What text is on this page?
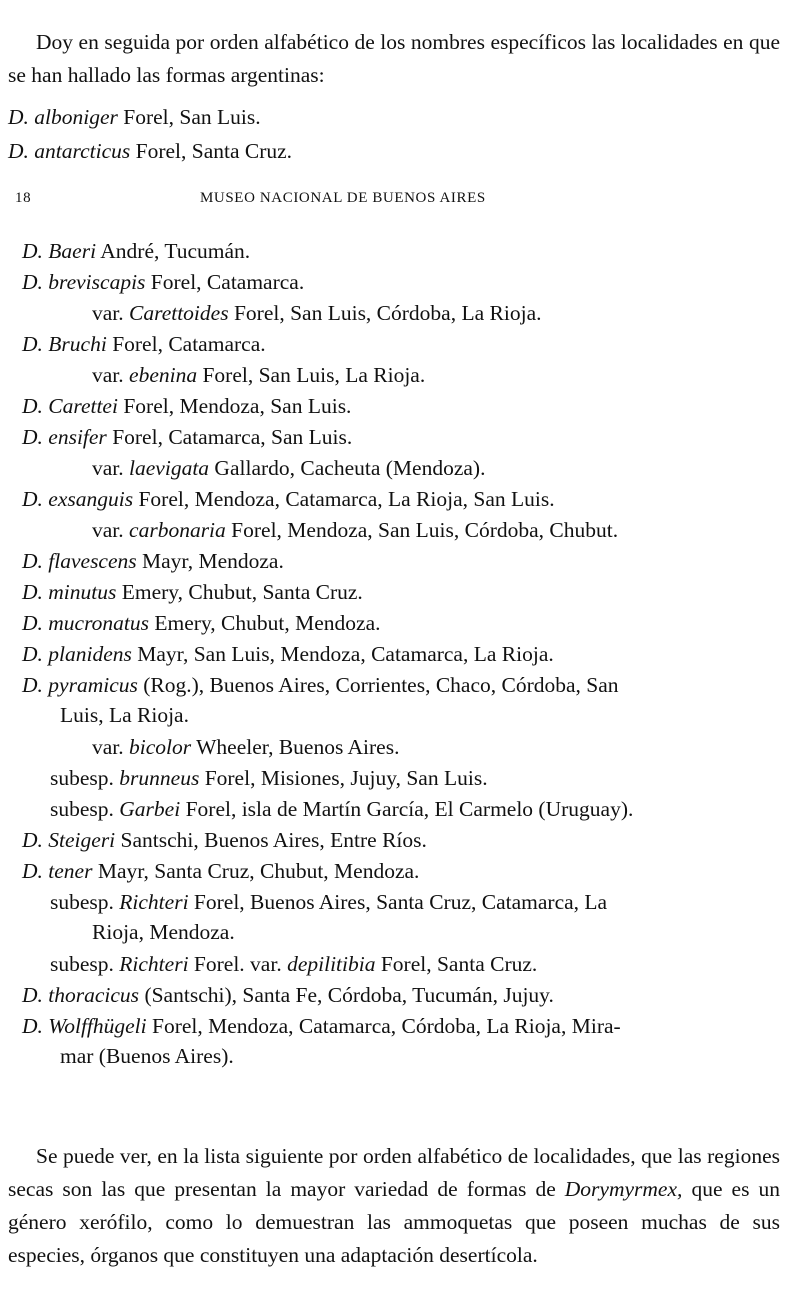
Doy en seguida por orden alfabético de los nombres específicos las localidades en que se han hallado las formas argentinas:

18	MUSEO NACIONAL DE BUENOS AIRES
D. alboniger Forel, San Luis.
D. antarcticus Forel, Santa Cruz.
D. Baeri André, Tucumán.
D. breviscapis Forel, Catamarca.
var. Carettoides Forel, San Luis, Córdoba, La Rioja.
D. Bruchi Forel, Catamarca.
var. ebenina Forel, San Luis, La Rioja.
D. Carettei Forel, Mendoza, San Luis.
D. ensifer Forel, Catamarca, San Luis.
var. laevigata Gallardo, Cacheuta (Mendoza).
D. exsanguis Forel, Mendoza, Catamarca, La Rioja, San Luis.
var. carbonaria Forel, Mendoza, San Luis, Córdoba, Chubut.
D. flavescens Mayr, Mendoza.
D. minutus Emery, Chubut, Santa Cruz.
D. mucronatus Emery, Chubut, Mendoza.
D. planidens Mayr, San Luis, Mendoza, Catamarca, La Rioja.
D. pyramicus (Rog.), Buenos Aires, Corrientes, Chaco, Córdoba, San
Luis, La Rioja.
var. bicolor Wheeler, Buenos Aires.
subesp. brunneus Forel, Misiones, Jujuy, San Luis.
subesp. Garbei Forel, isla de Martín García, El Carmelo (Uruguay).
D. Steigeri Santschi, Buenos Aires, Entre Ríos.
D. tener Mayr, Santa Cruz, Chubut, Mendoza.
subesp. Richteri Forel, Buenos Aires, Santa Cruz, Catamarca, La
Rioja, Mendoza.
subesp. Richteri Forel. var. depilitibia Forel, Santa Cruz.
D. thoracicus (Santschi), Santa Fe, Córdoba, Tucumán, Jujuy.
D. Wolffhügeli Forel, Mendoza, Catamarca, Córdoba, La Rioja, Mira-
mar (Buenos Aires).

Se puede ver, en la lista siguiente por orden alfabético de localidades, que las regiones secas son las que presentan la mayor variedad de formas de Dorymyrmex, que es un género xerófilo, como lo demuestran las ammoquetas que poseen muchas de sus especies, órganos que constituyen una adaptación desertícola.
